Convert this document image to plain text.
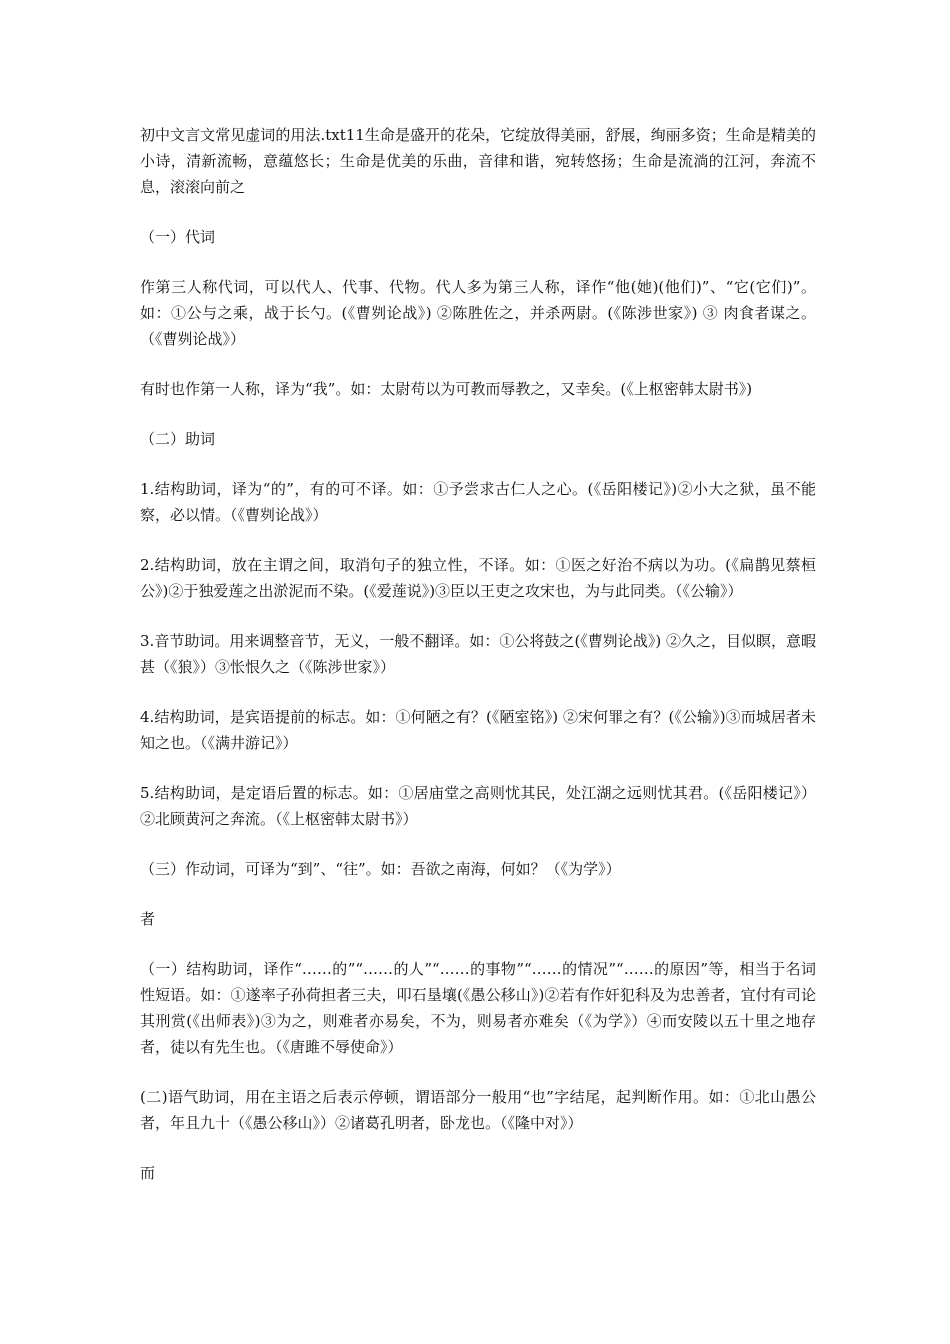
初中文言文常见虚词的用法.txt11生命是盛开的花朵，它绽放得美丽，舒展，绚丽多资；生命是精美的小诗，清新流畅，意蕴悠长；生命是优美的乐曲，音律和谐，宛转悠扬；生命是流淌的江河，奔流不息，滚滚向前之

（一）代词

作第三人称代词，可以代人、代事、代物。代人多为第三人称，译作“他(她)(他们)”、“它(它们)”。如：①公与之乘，战于长勺。(《曹刿论战》) ②陈胜佐之，并杀两尉。(《陈涉世家》) ③ 肉食者谋之。（《曹刿论战》）

有时也作第一人称，译为“我”。如：太尉苟以为可教而辱教之，又幸矣。(《上枢密韩太尉书》)

（二）助词

1.结构助词，译为“的”，有的可不译。如：①予尝求古仁人之心。(《岳阳楼记》)②小大之狱，虽不能察，必以情。（《曹刿论战》）

2.结构助词，放在主谓之间，取消句子的独立性，不译。如：①医之好治不病以为功。(《扁鹊见蔡桓公》)②于独爱莲之出淤泥而不染。(《爱莲说》)③臣以王吏之攻宋也，为与此同类。（《公输》）

3.音节助词。用来调整音节，无义，一般不翻译。如：①公将鼓之(《曹刿论战》) ②久之，目似瞑，意暇甚（《狼》）③怅恨久之（《陈涉世家》）

4.结构助词，是宾语提前的标志。如：①何陋之有？(《陋室铭》) ②宋何罪之有？(《公输》)③而城居者未知之也。（《满井游记》）

5.结构助词，是定语后置的标志。如：①居庙堂之高则忧其民，处江湖之远则忧其君。(《岳阳楼记》） ②北顾黄河之奔流。（《上枢密韩太尉书》）

（三）作动词，可译为“到”、“往”。如：吾欲之南海，何如？（《为学》）

者

（一）结构助词，译作“……的”“……的人”“……的事物”“……的情况”“……的原因”等，相当于名词性短语。如：①遂率子孙荷担者三夫，叩石垦壤(《愚公移山》)②若有作奸犯科及为忠善者，宜付有司论其刑赏(《出师表》)③为之，则难者亦易矣，不为，则易者亦难矣（《为学》）④而安陵以五十里之地存者，徒以有先生也。（《唐雎不辱使命》）

(二)语气助词，用在主语之后表示停顿，谓语部分一般用“也”字结尾，起判断作用。如：①北山愚公者，年且九十（《愚公移山》）②诸葛孔明者，卧龙也。（《隆中对》）

而
